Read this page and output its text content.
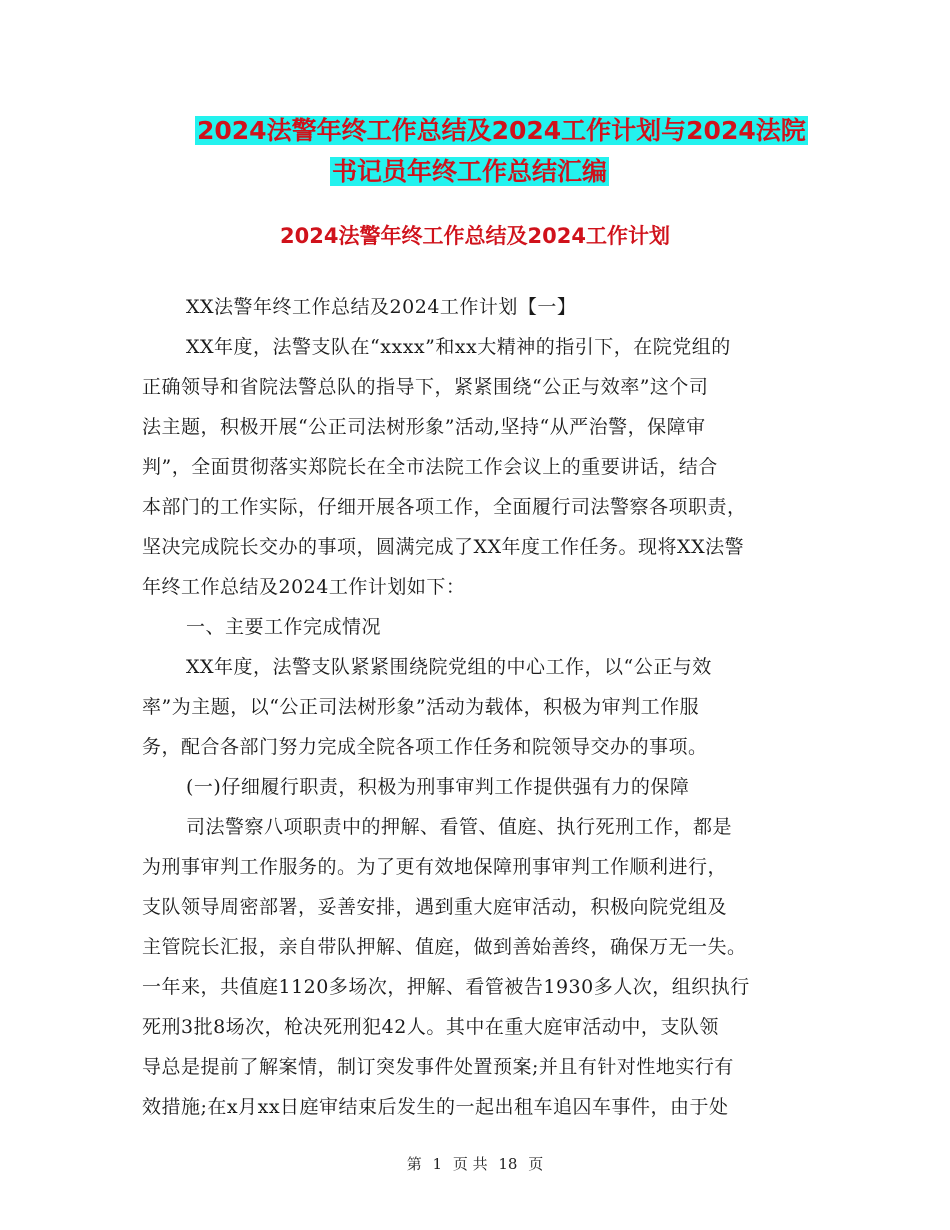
2024法警年终工作总结及2024工作计划与2024法院
书记员年终工作总结汇编
2024法警年终工作总结及2024工作计划
XX法警年终工作总结及2024工作计划【一】
XX年度，法警支队在“xxxx”和xx大精神的指引下，在院党组的
正确领导和省院法警总队的指导下，紧紧围绕“公正与效率”这个司
法主题，积极开展“公正司法树形象”活动,坚持“从严治警，保障审
判”，全面贯彻落实郑院长在全市法院工作会议上的重要讲话，结合
本部门的工作实际，仔细开展各项工作，全面履行司法警察各项职责，
坚决完成院长交办的事项，圆满完成了XX年度工作任务。现将XX法警
年终工作总结及2024工作计划如下：
一、主要工作完成情况
XX年度，法警支队紧紧围绕院党组的中心工作，以“公正与效
率”为主题，以“公正司法树形象”活动为载体，积极为审判工作服
务，配合各部门努力完成全院各项工作任务和院领导交办的事项。
(一)仔细履行职责，积极为刑事审判工作提供强有力的保障
司法警察八项职责中的押解、看管、值庭、执行死刑工作，都是
为刑事审判工作服务的。为了更有效地保障刑事审判工作顺利进行，
支队领导周密部署，妥善安排，遇到重大庭审活动，积极向院党组及
主管院长汇报，亲自带队押解、值庭，做到善始善终，确保万无一失。
一年来，共值庭1120多场次，押解、看管被告1930多人次，组织执行
死刑3批8场次，枪决死刑犯42人。其中在重大庭审活动中，支队领
导总是提前了解案情，制订突发事件处置预案;并且有针对性地实行有
效措施;在x月xx日庭审结束后发生的一起出租车追囚车事件，由于处
第 1 页 共 18 页
